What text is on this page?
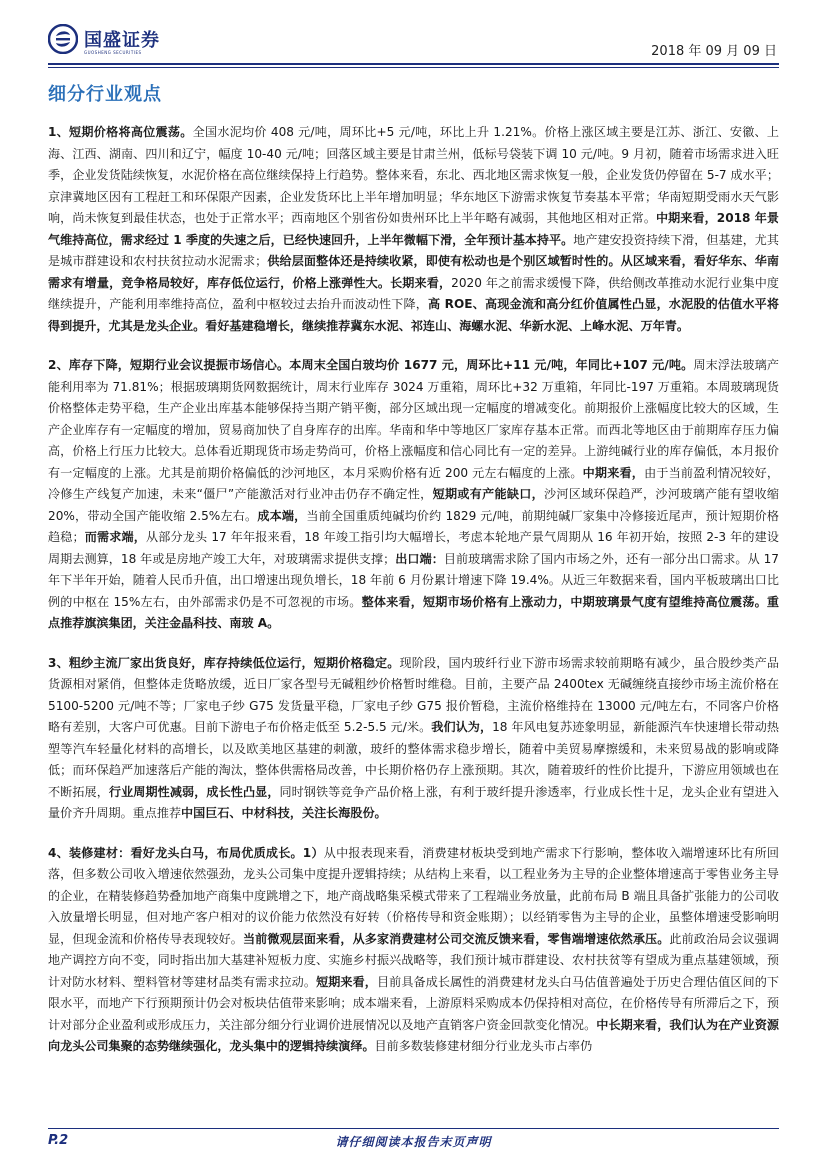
国盛证券
GUOSHENG SECURITIES	2018 年 09 月 09 日
细分行业观点

1、短期价格将高位震荡。全国水泥均价 408 元/吨，周环比+5 元/吨，环比上升 1.21%。价格上涨区域主要是江苏、浙江、安徽、上海、江西、湖南、四川和辽宁，幅度 10-40 元/吨；回落区域主要是甘肃兰州，低标号袋装下调 10 元/吨。9 月初，随着市场需求进入旺季，企业发货陆续恢复，水泥价格在高位继续保持上行趋势。整体来看，东北、西北地区需求恢复一般，企业发货仍停留在 5-7 成水平；京津冀地区因有工程赶工和环保限产因素，企业发货环比上半年增加明显；华东地区下游需求恢复节奏基本平常；华南短期受雨水天气影响，尚未恢复到最佳状态，也处于正常水平；西南地区个别省份如贵州环比上半年略有减弱，其他地区相对正常。中期来看，2018 年景气维持高位，需求经过 1 季度的失速之后，已经快速回升，上半年微幅下滑，全年预计基本持平。地产建安投资持续下滑，但基建，尤其是城市群建设和农村扶贫拉动水泥需求；供给层面整体还是持续收紧，即使有松动也是个别区域暂时性的。从区域来看，看好华东、华南需求有增量，竞争格局较好，库存低位运行，价格上涨弹性大。长期来看，2020 年之前需求缓慢下降，供给侧改革推动水泥行业集中度继续提升，产能利用率维持高位，盈利中枢较过去抬升而波动性下降，高 ROE、高现金流和高分红价值属性凸显，水泥股的估值水平将得到提升，尤其是龙头企业。看好基建稳增长，继续推荐冀东水泥、祁连山、海螺水泥、华新水泥、上峰水泥、万年青。

2、库存下降，短期行业会议提振市场信心。本周末全国白玻均价 1677 元，周环比+11 元/吨，年同比+107 元/吨。周末浮法玻璃产能利用率为 71.81%；根据玻璃期货网数据统计，周末行业库存 3024 万重箱，周环比+32 万重箱，年同比-197 万重箱。本周玻璃现货价格整体走势平稳，生产企业出库基本能够保持当期产销平衡，部分区域出现一定幅度的增减变化。前期报价上涨幅度比较大的区域，生产企业库存有一定幅度的增加，贸易商加快了自身库存的出库。华南和华中等地区厂家库存基本正常。而西北等地区由于前期库存压力偏高，价格上行压力比较大。总体看近期现货市场走势尚可，价格上涨幅度和信心同比有一定的差异。上游纯碱行业的库存偏低，本月报价有一定幅度的上涨。尤其是前期价格偏低的沙河地区，本月采购价格有近 200 元左右幅度的上涨。中期来看，由于当前盈利情况较好，冷修生产线复产加速，未来“僵尸”产能激活对行业冲击仍存不确定性，短期或有产能缺口，沙河区域环保趋严，沙河玻璃产能有望收缩 20%，带动全国产能收缩 2.5%左右。成本端，当前全国重质纯碱均价约 1829 元/吨，前期纯碱厂家集中冷修接近尾声，预计短期价格趋稳；而需求端，从部分龙头 17 年年报来看，18 年竣工指引均大幅增长，考虑本轮地产景气周期从 16 年初开始，按照 2-3 年的建设周期去测算，18 年或是房地产竣工大年，对玻璃需求提供支撑；出口端：目前玻璃需求除了国内市场之外，还有一部分出口需求。从 17 年下半年开始，随着人民币升值，出口增速出现负增长，18 年前 6 月份累计增速下降 19.4%。从近三年数据来看，国内平板玻璃出口比例的中枢在 15%左右，由外部需求仍是不可忽视的市场。整体来看，短期市场价格有上涨动力，中期玻璃景气度有望维持高位震荡。重点推荐旗滨集团，关注金晶科技、南玻 A。

3、粗纱主流厂家出货良好，库存持续低位运行，短期价格稳定。现阶段，国内玻纤行业下游市场需求较前期略有减少，虽合股纱类产品货源相对紧俏，但整体走货略放缓，近日厂家各型号无碱粗纱价格暂时维稳。目前，主要产品 2400tex 无碱缠绕直接纱市场主流价格在 5100-5200 元/吨不等；厂家电子纱 G75 发货量平稳，厂家电子纱 G75 报价暂稳，主流价格维持在 13000 元/吨左右，不同客户价格略有差别，大客户可优惠。目前下游电子布价格走低至 5.2-5.5 元/米。我们认为，18 年风电复苏迹象明显，新能源汽车快速增长带动热塑等汽车轻量化材料的高增长，以及欧美地区基建的刺激，玻纤的整体需求稳步增长，随着中美贸易摩擦缓和，未来贸易战的影响或降低；而环保趋严加速落后产能的淘汰，整体供需格局改善，中长期价格仍存上涨预期。其次，随着玻纤的性价比提升，下游应用领域也在不断拓展，行业周期性减弱，成长性凸显，同时钢铁等竞争产品价格上涨，有利于玻纤提升渗透率，行业成长性十足，龙头企业有望进入量价齐升周期。重点推荐中国巨石、中材科技，关注长海股份。

4、装修建材：看好龙头白马，布局优质成长。1）从中报表现来看，消费建材板块受到地产需求下行影响，整体收入端增速环比有所回落，但多数公司收入增速依然强劲，龙头公司集中度提升逻辑持续；从结构上来看，以工程业务为主导的企业整体增速高于零售业务主导的企业，在精装修趋势叠加地产商集中度跳增之下，地产商战略集采模式带来了工程端业务放量，此前布局 B 端且具备扩张能力的公司收入放量增长明显，但对地产客户相对的议价能力依然没有好转（价格传导和资金账期）；以经销零售为主导的企业，虽整体增速受影响明显，但现金流和价格传导表现较好。当前微观层面来看，从多家消费建材公司交流反馈来看，零售端增速依然承压。此前政治局会议强调地产调控方向不变，同时指出加大基建补短板力度、实施乡村振兴战略等，我们预计城市群建设、农村扶贫等有望成为重点基建领域，预计对防水材料、塑料管材等建材品类有需求拉动。短期来看，目前具备成长属性的消费建材龙头白马估值普遍处于历史合理估值区间的下限水平，而地产下行预期预计仍会对板块估值带来影响；成本端来看，上游原料采购成本仍保持相对高位，在价格传导有所滞后之下，预计对部分企业盈利或形成压力，关注部分细分行业调价进展情况以及地产直销客户资金回款变化情况。中长期来看，我们认为在产业资源向龙头公司集聚的态势继续强化，龙头集中的逻辑持续演绎。目前多数装修建材细分行业龙头市占率仍

P.2	请仔细阅读本报告末页声明
